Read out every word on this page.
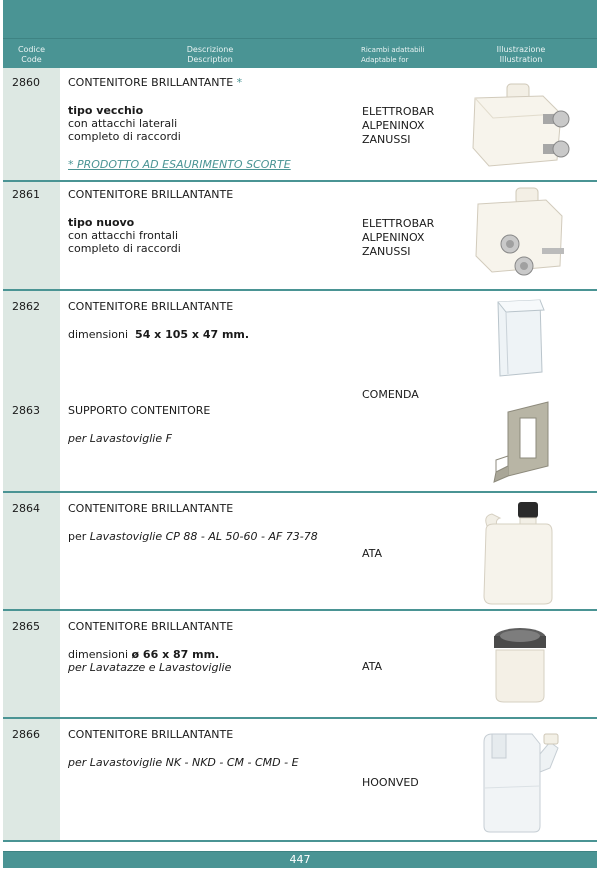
Codice
Code
Descrizione
Description
Ricambi adattabili
Adaptable for
Illustrazione
Illustration
2860	CONTENITORE BRILLANTANTE *
tipo vecchio
con attacchi laterali
completo di raccordi
* PRODOTTO AD ESAURIMENTO SCORTE
ELETTROBAR
ALPENINOX
ZANUSSI
2861	CONTENITORE BRILLANTANTE
tipo nuovo
con attacchi frontali
completo di raccordi
ELETTROBAR
ALPENINOX
ZANUSSI
2862	CONTENITORE BRILLANTANTE
dimensioni 54 x 105 x 47 mm.
COMENDA
2863	SUPPORTO CONTENITORE
per Lavastoviglie F
2864	CONTENITORE BRILLANTANTE
per Lavastoviglie CP 88 - AL 50-60 - AF 73-78
ATA
2865	CONTENITORE BRILLANTANTE
dimensioni ø 66 x 87 mm.
per Lavatazze e Lavastoviglie	ATA
2866	CONTENITORE BRILLANTANTE
per Lavastoviglie NK - NKD - CM - CMD - E
HOONVED
447
